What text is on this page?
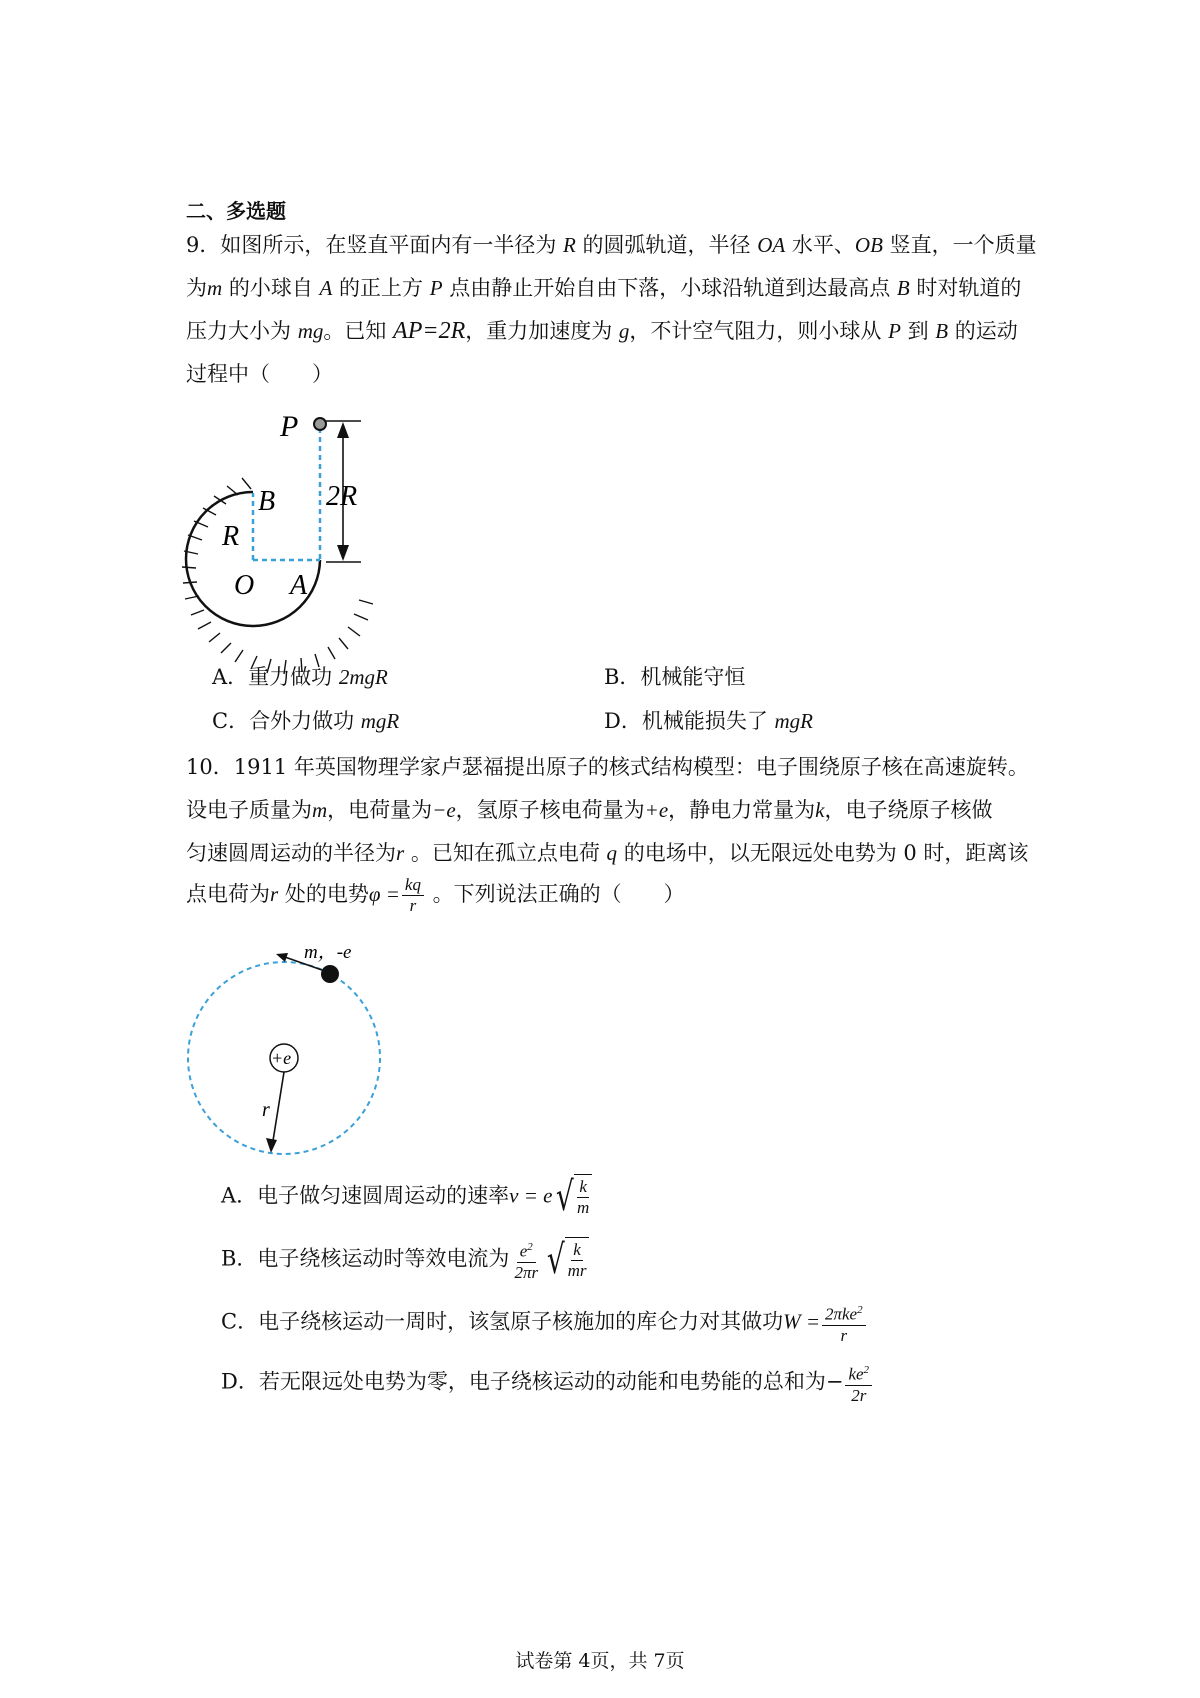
二、多选题
9．如图所示，在竖直平面内有一半径为 R 的圆弧轨道，半径 OA 水平、OB 竖直，一个质量
为m 的小球自 A 的正上方 P 点由静止开始自由下落，小球沿轨道到达最高点 B 时对轨道的
压力大小为 mg。已知 AP=2R，重力加速度为 g，不计空气阻力，则小球从 P 到 B 的运动
过程中（　　）
P
B
R
O A
2R
A．重力做功 2mgR	B．机械能守恒
C．合外力做功 mgR	D．机械能损失了 mgR
10．1911 年英国物理学家卢瑟福提出原子的核式结构模型：电子围绕原子核在高速旋转。
设电子质量为m，电荷量为−e，氢原子核电荷量为+e，静电力常量为k，电子绕原子核做
匀速圆周运动的半径为r 。已知在孤立点电荷 q 的电场中，以无限远处电势为 0 时，距离该
点电荷为r 处的电势$\varphi = \frac{kq}{r}$ 。下列说法正确的（　　）
m，-e
+e
r
A．电子做匀速圆周运动的速率v = e √ k
m
B．电子绕核运动时等效电流为 $\frac{e^2}{2\pi r}$ √ k
mr
C．电子绕核运动一周时，该氢原子核施加的库仑力对其做功$W = \frac{2\pi ke^2}{r}$
D．若无限远处电势为零，电子绕核运动的动能和电势能的总和为− $\frac{ke^2}{2r}$
试卷第 4页，共 7页
